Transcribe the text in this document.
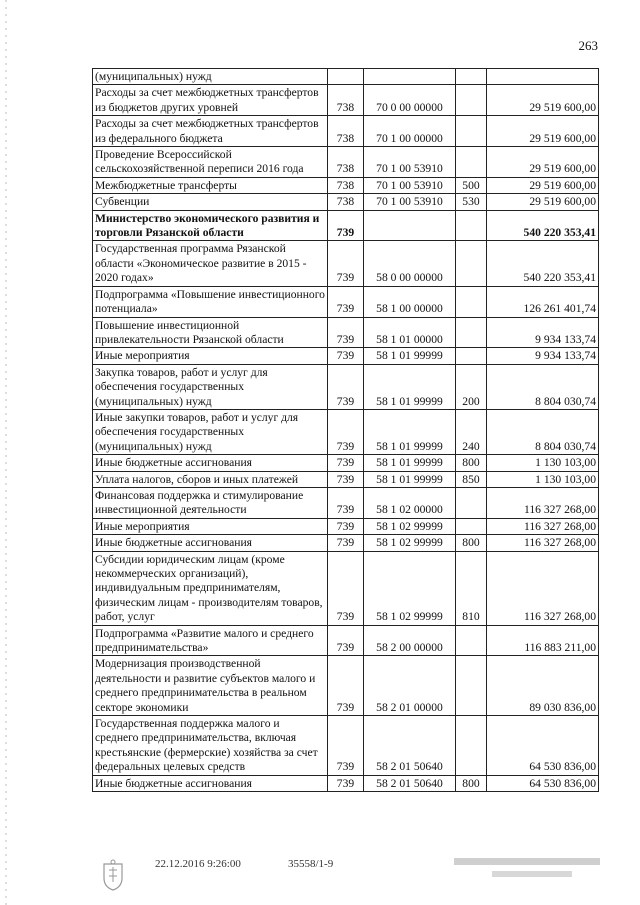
263
(муниципальных) нужд				
Расходы за счет межбюджетных трансфертов из бюджетов других уровней	738	70 0 00 00000		29 519 600,00
Расходы за счет межбюджетных трансфертов из федерального бюджета	738	70 1 00 00000		29 519 600,00
Проведение Всероссийской сельскохозяйственной переписи 2016 года	738	70 1 00 53910		29 519 600,00
Межбюджетные трансферты	738	70 1 00 53910	500	29 519 600,00
Субвенции	738	70 1 00 53910	530	29 519 600,00
Министерство экономического развития и торговли Рязанской области	739			540 220 353,41
Государственная программа Рязанской области «Экономическое развитие в 2015 - 2020 годах»	739	58 0 00 00000		540 220 353,41
Подпрограмма «Повышение инвестиционного потенциала»	739	58 1 00 00000		126 261 401,74
Повышение инвестиционной привлекательности Рязанской области	739	58 1 01 00000		9 934 133,74
Иные мероприятия	739	58 1 01 99999		9 934 133,74
Закупка товаров, работ и услуг для обеспечения государственных (муниципальных) нужд	739	58 1 01 99999	200	8 804 030,74
Иные закупки товаров, работ и услуг для обеспечения государственных (муниципальных) нужд	739	58 1 01 99999	240	8 804 030,74
Иные бюджетные ассигнования	739	58 1 01 99999	800	1 130 103,00
Уплата налогов, сборов и иных платежей	739	58 1 01 99999	850	1 130 103,00
Финансовая поддержка и стимулирование инвестиционной деятельности	739	58 1 02 00000		116 327 268,00
Иные мероприятия	739	58 1 02 99999		116 327 268,00
Иные бюджетные ассигнования	739	58 1 02 99999	800	116 327 268,00
Субсидии юридическим лицам (кроме некоммерческих организаций), индивидуальным предпринимателям, физическим лицам - производителям товаров, работ, услуг	739	58 1 02 99999	810	116 327 268,00
Подпрограмма «Развитие малого и среднего предпринимательства»	739	58 2 00 00000		116 883 211,00
Модернизация производственной деятельности и развитие субъектов малого и среднего предпринимательства в реальном секторе экономики	739	58 2 01 00000		89 030 836,00
Государственная поддержка малого и среднего предпринимательства, включая крестьянские (фермерские) хозяйства за счет федеральных целевых средств	739	58 2 01 50640		64 530 836,00
Иные бюджетные ассигнования	739	58 2 01 50640	800	64 530 836,00
22.12.2016 9:26:00	35558/1-9
